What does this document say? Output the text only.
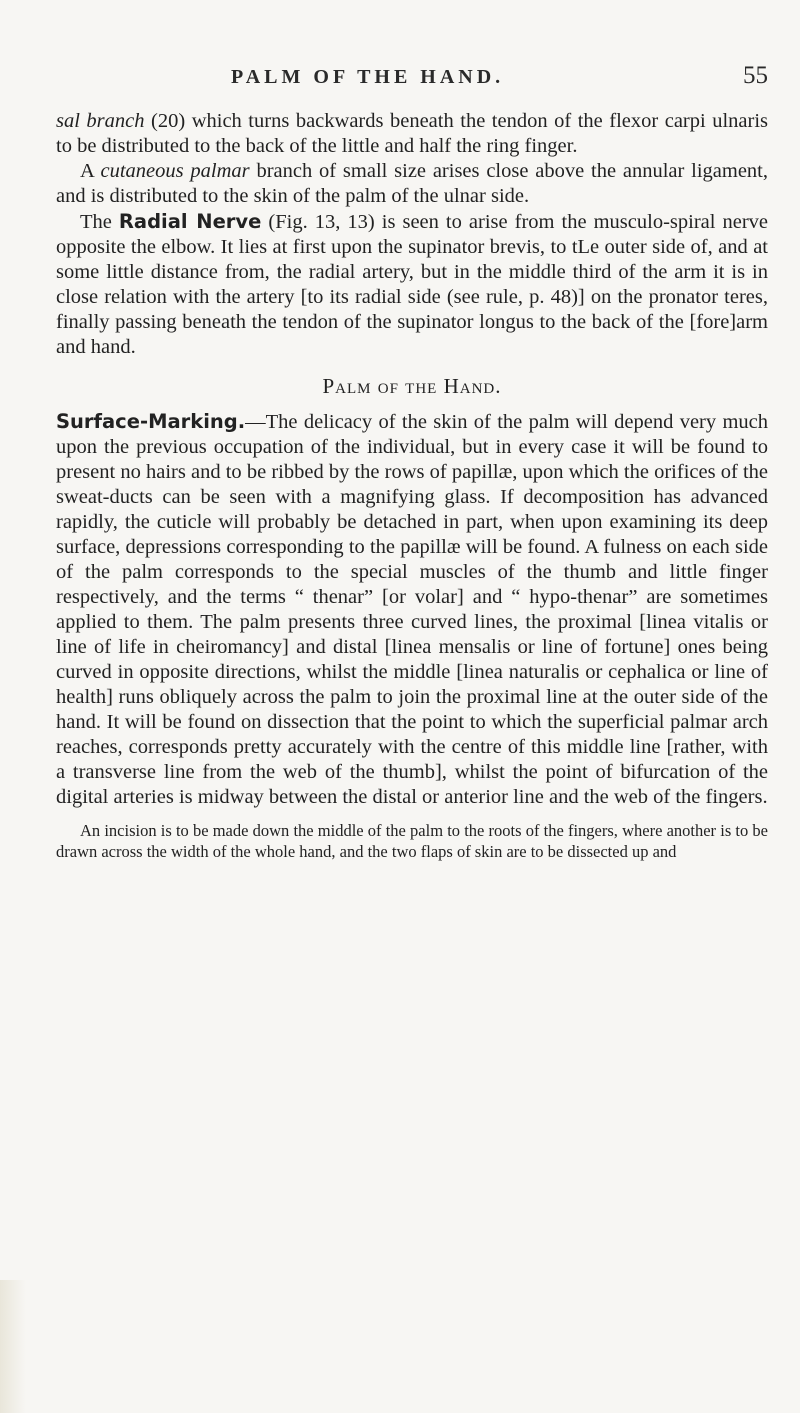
PALM OF THE HAND.	55

sal branch (20) which turns backwards beneath the tendon of the flexor carpi ulnaris to be distributed to the back of the little and half the ring finger.

A cutaneous palmar branch of small size arises close above the annular ligament, and is distributed to the skin of the palm of the ulnar side.

The Radial Nerve (Fig. 13, 13) is seen to arise from the musculo-spiral nerve opposite the elbow. It lies at first upon the supinator brevis, to tLe outer side of, and at some little distance from, the radial artery, but in the middle third of the arm it is in close relation with the artery [to its radial side (see rule, p. 48)] on the pronator teres, finally passing beneath the tendon of the supinator longus to the back of the [fore]arm and hand.

Palm of the Hand.

Surface-Marking.—The delicacy of the skin of the palm will depend very much upon the previous occupation of the individual, but in every case it will be found to present no hairs and to be ribbed by the rows of papillæ, upon which the orifices of the sweat-ducts can be seen with a magnifying glass. If decomposition has advanced rapidly, the cuticle will probably be detached in part, when upon examining its deep surface, depressions corresponding to the papillæ will be found. A fulness on each side of the palm corresponds to the special muscles of the thumb and little finger respectively, and the terms “ thenar” [or volar] and “ hypo-thenar” are sometimes applied to them. The palm presents three curved lines, the proximal [linea vitalis or line of life in cheiromancy] and distal [linea mensalis or line of fortune] ones being curved in opposite directions, whilst the middle [linea naturalis or cephalica or line of health] runs obliquely across the palm to join the proximal line at the outer side of the hand. It will be found on dissection that the point to which the superficial palmar arch reaches, corresponds pretty accurately with the centre of this middle line [rather, with a transverse line from the web of the thumb], whilst the point of bifurcation of the digital arteries is midway between the distal or anterior line and the web of the fingers.

An incision is to be made down the middle of the palm to the roots of the fingers, where another is to be drawn across the width of the whole hand, and the two flaps of skin are to be dissected up and
